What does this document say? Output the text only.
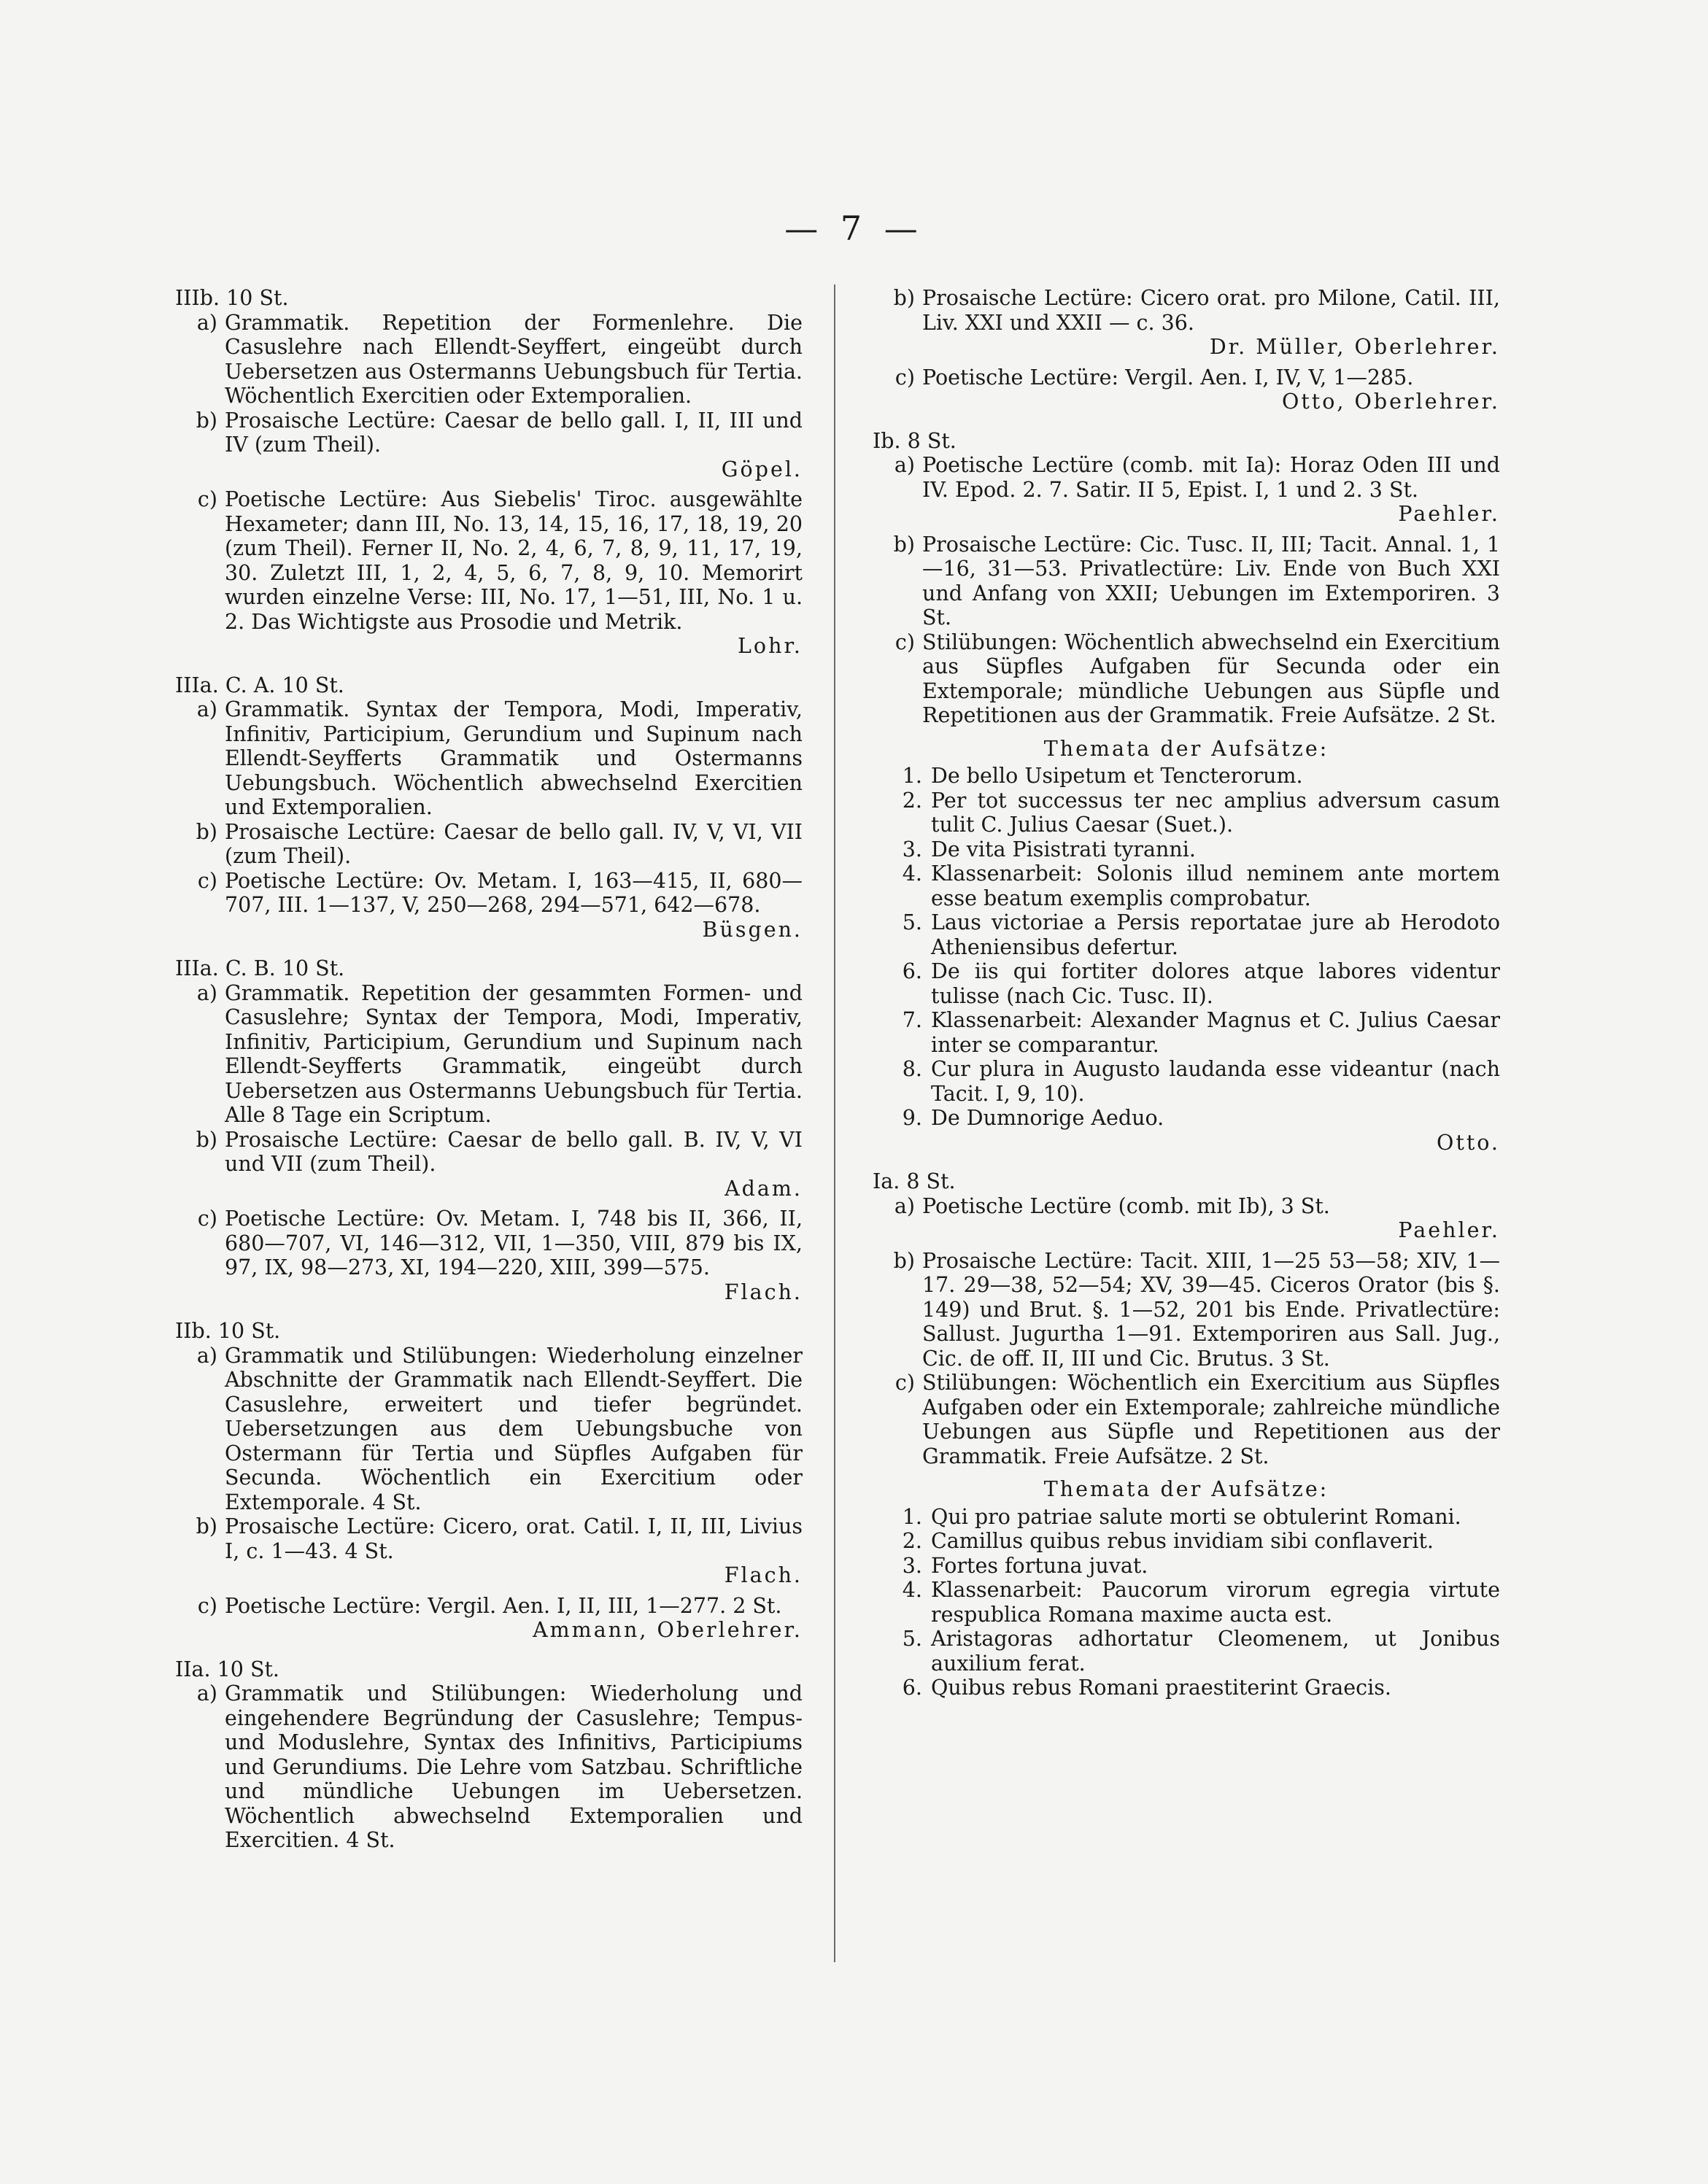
— 7 —
IIIb. 10 St.
a) Grammatik. Repetition der Formenlehre. Die Casuslehre nach Ellendt-Seyffert, eingeübt durch Uebersetzen aus Ostermanns Uebungsbuch für Tertia. Wöchentlich Exercitien oder Extemporalien.
b) Prosaische Lectüre: Caesar de bello gall. I, II, III und IV (zum Theil).
Göpel.
c) Poetische Lectüre: Aus Siebelis' Tiroc. ausgewählte Hexameter; dann III, No. 13, 14, 15, 16, 17, 18, 19, 20 (zum Theil). Ferner II, No. 2, 4, 6, 7, 8, 9, 11, 17, 19, 30. Zuletzt III, 1, 2, 4, 5, 6, 7, 8, 9, 10. Memorirt wurden einzelne Verse: III, No. 17, 1—51, III, No. 1 u. 2. Das Wichtigste aus Prosodie und Metrik.
Lohr.
IIIa. C. A. 10 St.
a) Grammatik. Syntax der Tempora, Modi, Imperativ, Infinitiv, Participium, Gerundium und Supinum nach Ellendt-Seyfferts Grammatik und Ostermanns Uebungsbuch. Wöchentlich abwechselnd Exercitien und Extemporalien.
b) Prosaische Lectüre: Caesar de bello gall. IV, V, VI, VII (zum Theil).
c) Poetische Lectüre: Ov. Metam. I, 163—415, II, 680—707, III. 1—137, V, 250—268, 294—571, 642—678.
Büsgen.
IIIa. C. B. 10 St.
a) Grammatik. Repetition der gesammten Formen- und Casuslehre; Syntax der Tempora, Modi, Imperativ, Infinitiv, Participium, Gerundium und Supinum nach Ellendt-Seyfferts Grammatik, eingeübt durch Uebersetzen aus Ostermanns Uebungsbuch für Tertia. Alle 8 Tage ein Scriptum.
b) Prosaische Lectüre: Caesar de bello gall. B. IV, V, VI und VII (zum Theil).
Adam.
c) Poetische Lectüre: Ov. Metam. I, 748 bis II, 366, II, 680—707, VI, 146—312, VII, 1—350, VIII, 879 bis IX, 97, IX, 98—273, XI, 194—220, XIII, 399—575.
Flach.
IIb. 10 St.
a) Grammatik und Stilübungen: Wiederholung einzelner Abschnitte der Grammatik nach Ellendt-Seyffert. Die Casuslehre, erweitert und tiefer begründet. Uebersetzungen aus dem Uebungsbuche von Ostermann für Tertia und Süpfles Aufgaben für Secunda. Wöchentlich ein Exercitium oder Extemporale. 4 St.
b) Prosaische Lectüre: Cicero, orat. Catil. I, II, III, Livius I, c. 1—43. 4 St.
Flach.
c) Poetische Lectüre: Vergil. Aen. I, II, III, 1—277. 2 St.
Ammann, Oberlehrer.
IIa. 10 St.
a) Grammatik und Stilübungen: Wiederholung und eingehendere Begründung der Casuslehre; Tempus- und Moduslehre, Syntax des Infinitivs, Participiums und Gerundiums. Die Lehre vom Satzbau. Schriftliche und mündliche Uebungen im Uebersetzen. Wöchentlich abwechselnd Extemporalien und Exercitien. 4 St.
b) Prosaische Lectüre: Cicero orat. pro Milone, Catil. III, Liv. XXI und XXII — c. 36.
Dr. Müller, Oberlehrer.
c) Poetische Lectüre: Vergil. Aen. I, IV, V, 1—285.
Otto, Oberlehrer.
Ib. 8 St.
a) Poetische Lectüre (comb. mit Ia): Horaz Oden III und IV. Epod. 2. 7. Satir. II 5, Epist. I, 1 und 2. 3 St.
Paehler.
b) Prosaische Lectüre: Cic. Tusc. II, III; Tacit. Annal. 1, 1—16, 31—53. Privatlectüre: Liv. Ende von Buch XXI und Anfang von XXII; Uebungen im Extemporiren. 3 St.
c) Stilübungen: Wöchentlich abwechselnd ein Exercitium aus Süpfles Aufgaben für Secunda oder ein Extemporale; mündliche Uebungen aus Süpfle und Repetitionen aus der Grammatik. Freie Aufsätze. 2 St.
Themata der Aufsätze:
1. De bello Usipetum et Tencterorum.
2. Per tot successus ter nec amplius adversum casum tulit C. Julius Caesar (Suet.).
3. De vita Pisistrati tyranni.
4. Klassenarbeit: Solonis illud neminem ante mortem esse beatum exemplis comprobatur.
5. Laus victoriae a Persis reportatae jure ab Herodoto Atheniensibus defertur.
6. De iis qui fortiter dolores atque labores videntur tulisse (nach Cic. Tusc. II).
7. Klassenarbeit: Alexander Magnus et C. Julius Caesar inter se comparantur.
8. Cur plura in Augusto laudanda esse videantur (nach Tacit. I, 9, 10).
9. De Dumnorige Aeduo.
Otto.
Ia. 8 St.
a) Poetische Lectüre (comb. mit Ib), 3 St.
Paehler.
b) Prosaische Lectüre: Tacit. XIII, 1—25 53—58; XIV, 1—17. 29—38, 52—54; XV, 39—45. Ciceros Orator (bis §. 149) und Brut. §. 1—52, 201 bis Ende. Privatlectüre: Sallust. Jugurtha 1—91. Extemporiren aus Sall. Jug., Cic. de off. II, III und Cic. Brutus. 3 St.
c) Stilübungen: Wöchentlich ein Exercitium aus Süpfles Aufgaben oder ein Extemporale; zahlreiche mündliche Uebungen aus Süpfle und Repetitionen aus der Grammatik. Freie Aufsätze. 2 St.
Themata der Aufsätze:
1. Qui pro patriae salute morti se obtulerint Romani.
2. Camillus quibus rebus invidiam sibi conflaverit.
3. Fortes fortuna juvat.
4. Klassenarbeit: Paucorum virorum egregia virtute respublica Romana maxime aucta est.
5. Aristagoras adhortatur Cleomenem, ut Jonibus auxilium ferat.
6. Quibus rebus Romani praestiterint Graecis.
